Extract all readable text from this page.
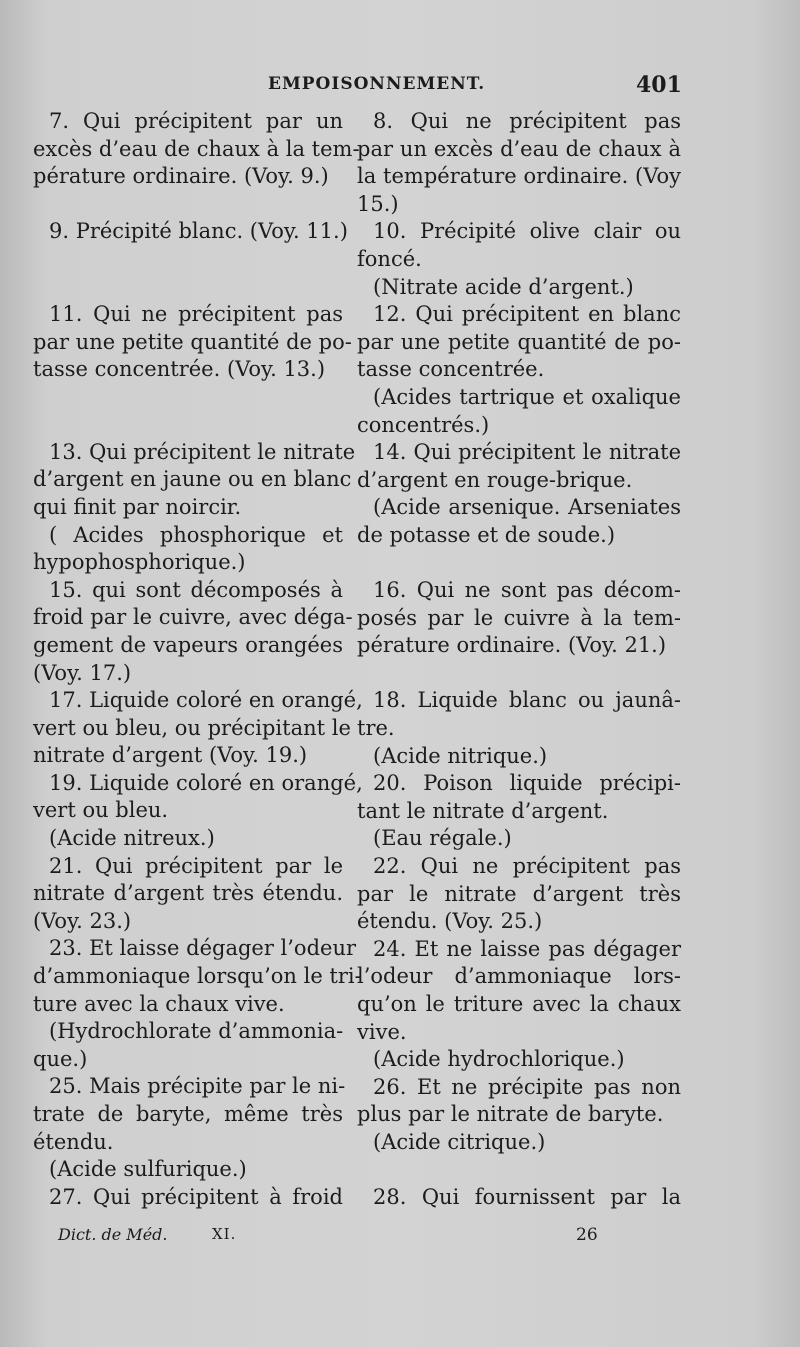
EMPOISONNEMENT.	401
7. Qui précipitent par un
excès d’eau de chaux à la tem-
pérature ordinaire. (Voy. 9.)
9. Précipité blanc. (Voy. 11.)
11. Qui ne précipitent pas
par une petite quantité de po-
tasse concentrée. (Voy. 13.)
13. Qui précipitent le nitrate
d’argent en jaune ou en blanc
qui finit par noircir.
( Acides phosphorique et
hypophosphorique.)
15. qui sont décomposés à
froid par le cuivre, avec déga-
gement de vapeurs orangées
(Voy. 17.)
17. Liquide coloré en orangé,
vert ou bleu, ou précipitant le
nitrate d’argent (Voy. 19.)
19. Liquide coloré en orangé,
vert ou bleu.
(Acide nitreux.)
21. Qui précipitent par le
nitrate d’argent très étendu.
(Voy. 23.)
23. Et laisse dégager l’odeur
d’ammoniaque lorsqu’on le tri-
ture avec la chaux vive.
(Hydrochlorate d’ammonia-
que.)
25. Mais précipite par le ni-
trate de baryte, même très
étendu.
(Acide sulfurique.)
27. Qui précipitent à froid
8. Qui ne précipitent pas
par un excès d’eau de chaux à
la température ordinaire. (Voy
15.)
10. Précipité olive clair ou
foncé.
(Nitrate acide d’argent.)
12. Qui précipitent en blanc
par une petite quantité de po-
tasse concentrée.
(Acides tartrique et oxalique
concentrés.)
14. Qui précipitent le nitrate
d’argent en rouge-brique.
(Acide arsenique. Arseniates
de potasse et de soude.)
16. Qui ne sont pas décom-
posés par le cuivre à la tem-
pérature ordinaire. (Voy. 21.)
18. Liquide blanc ou jaunâ-
tre.
(Acide nitrique.)
20. Poison liquide précipi-
tant le nitrate d’argent.
(Eau régale.)
22. Qui ne précipitent pas
par le nitrate d’argent très
étendu. (Voy. 25.)
24. Et ne laisse pas dégager
l’odeur d’ammoniaque lors-
qu’on le triture avec la chaux
vive.
(Acide hydrochlorique.)
26. Et ne précipite pas non
plus par le nitrate de baryte.
(Acide citrique.)
28. Qui fournissent par la
Dict. de Méd.	XI.	26
